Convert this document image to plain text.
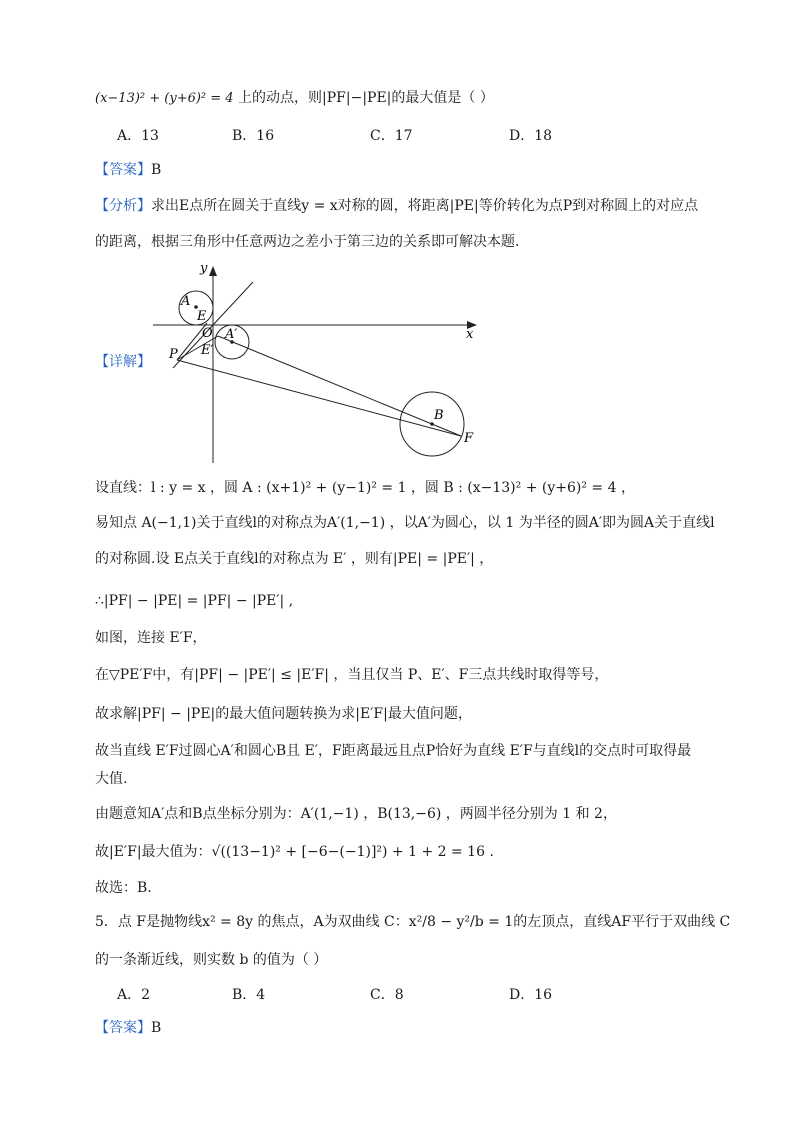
(x−13)² + (y+6)² = 4 上的动点，则|PF|−|PE|的最大值是（ ）
A．13	B．16	C．17	D．18
【答案】B
【分析】求出E点所在圆关于直线y = x对称的圆，将距离|PE|等价转化为点P到对称圆上的对应点
的距离，根据三角形中任意两边之差小于第三边的关系即可解决本题.
【详解】
y
x
A
E
O A′
E′
P
B
F
设直线：l : y = x ，圆 A : (x+1)² + (y−1)² = 1 ，圆 B : (x−13)² + (y+6)² = 4 ，
易知点 A(−1,1)关于直线l的对称点为A′(1,−1) ，以A′为圆心，以 1 为半径的圆A′即为圆A关于直线l
的对称圆.设 E点关于直线l的对称点为 E′ ，则有|PE| = |PE′| ，
∴|PF| − |PE| = |PF| − |PE′| ,
如图，连接 E′F，
在▽PE′F中，有|PF| − |PE′| ≤ |E′F| ，当且仅当 P、E′、F三点共线时取得等号，
故求解|PF| − |PE|的最大值问题转换为求|E′F|最大值问题，
故当直线 E′F过圆心A′和圆心B且 E′，F距离最远且点P恰好为直线 E′F与直线l的交点时可取得最
大值.
由题意知A′点和B点坐标分别为：A′(1,−1) ，B(13,−6) ，两圆半径分别为 1 和 2，
故|E′F|最大值为：√((13−1)² + [−6−(−1)]²) + 1 + 2 = 16 .
故选：B.
5．点 F是抛物线x² = 8y 的焦点，A为双曲线 C：x²/8 − y²/b = 1的左顶点，直线AF平行于双曲线 C
的一条渐近线，则实数 b 的值为（ ）
A．2	B．4	C．8	D．16
【答案】B
